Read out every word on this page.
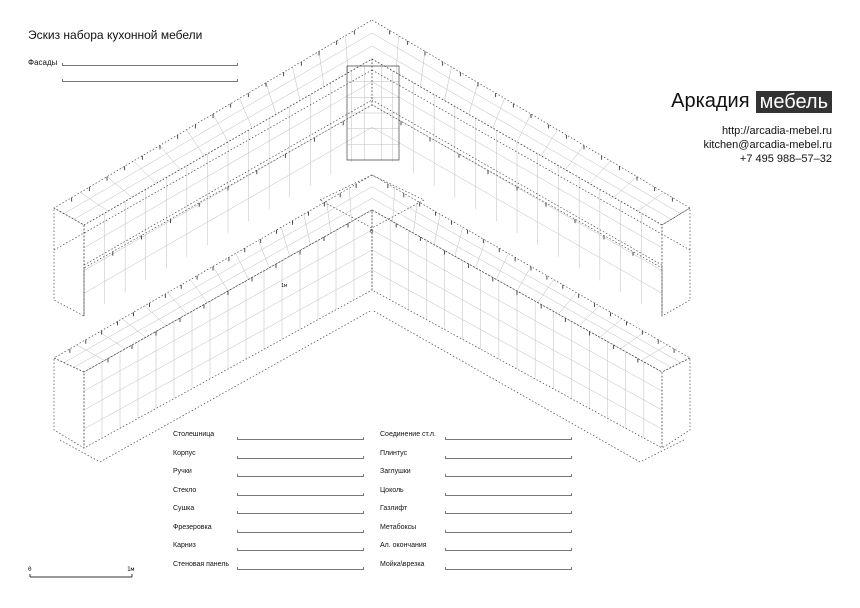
0
1м
Эскиз набора кухонной мебели
Фасады
Аркадия мебель
http://arcadia-mebel.ru
kitchen@arcadia-mebel.ru
+7 495 988–57–32
Столешница
Корпус
Ручки
Стекло
Сушка
Фрезеровка
Карниз
Стеновая панель
Соединение ст.л.
Плинтус
Заглушки
Цоколь
Газлифт
Метабоксы
Ал. окончания
Мойка\врезка
0	1м
